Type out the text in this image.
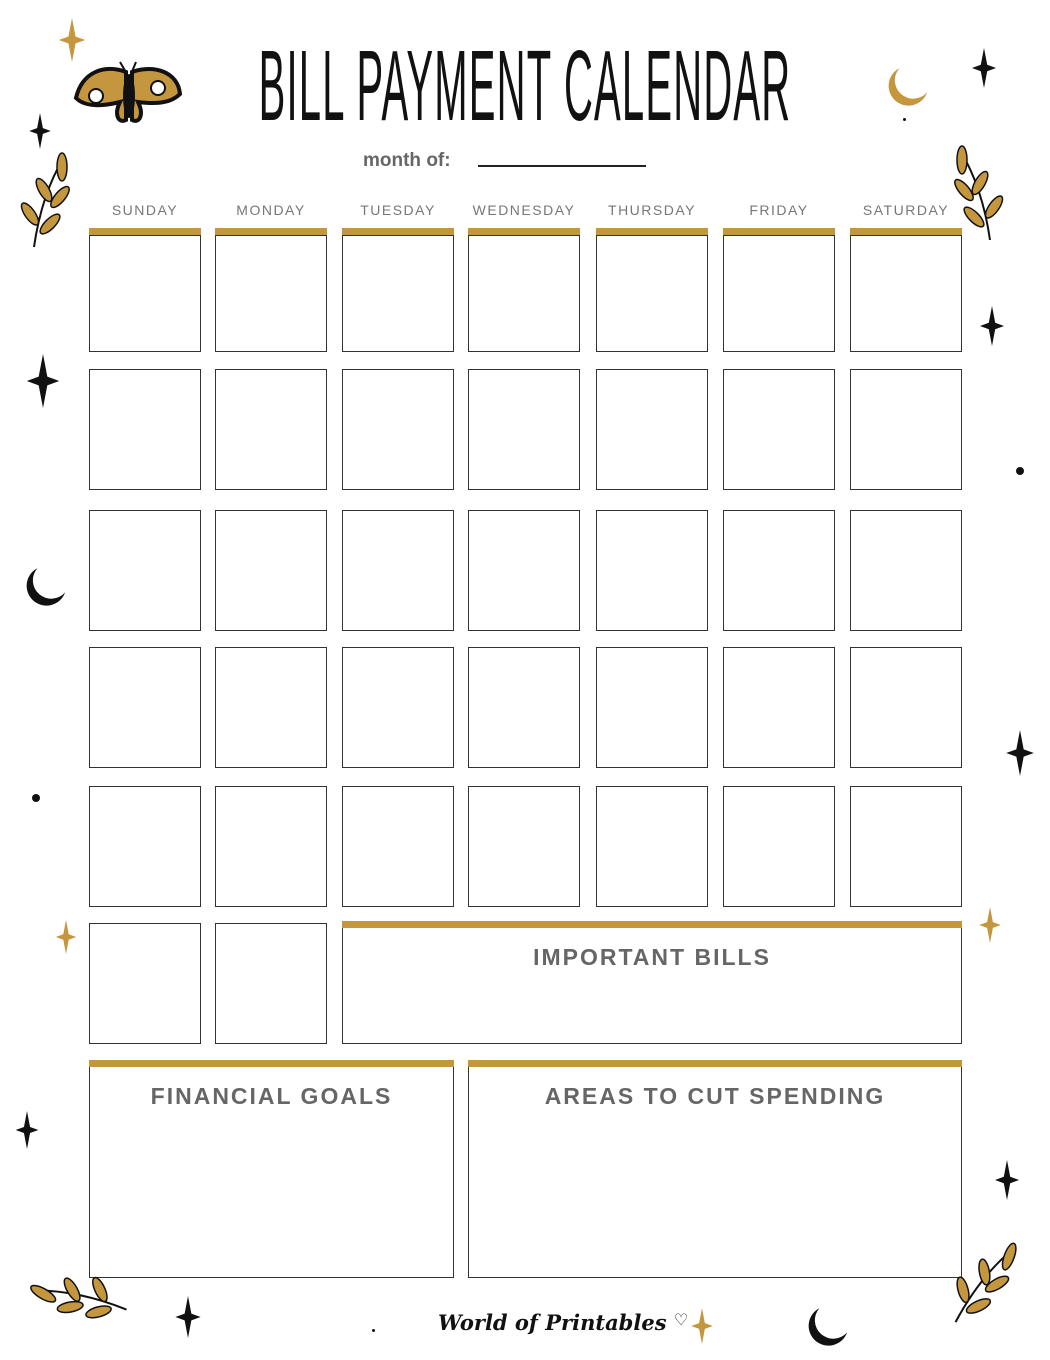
BILL PAYMENT CALENDAR
month of:
SUNDAY	MONDAY	TUESDAY	WEDNESDAY	THURSDAY	FRIDAY	SATURDAY
IMPORTANT BILLS
FINANCIAL GOALS	AREAS TO CUT SPENDING
World of Printables ♡
